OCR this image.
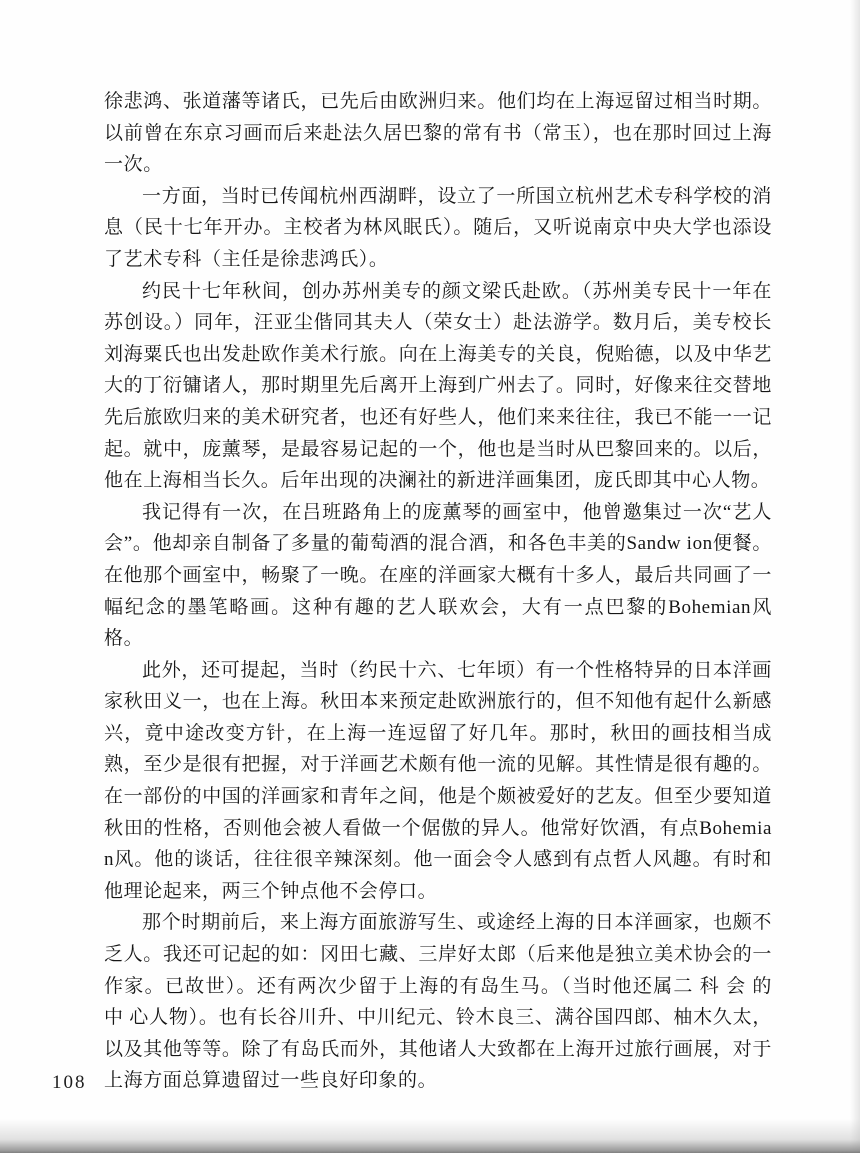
徐悲鸿、张道藩等诸氏，已先后由欧洲归来。他们均在上海逗留过相当时期。以前曾在东京习画而后来赴法久居巴黎的常有书（常玉），也在那时回过上海一次。

一方面，当时已传闻杭州西湖畔，设立了一所国立杭州艺术专科学校的消息（民十七年开办。主校者为林风眠氏）。随后，又听说南京中央大学也添设了艺术专科（主任是徐悲鸿氏）。

约民十七年秋间，创办苏州美专的颜文梁氏赴欧。（苏州美专民十一年在苏创设。）同年，汪亚尘偕同其夫人（荣女士）赴法游学。数月后，美专校长刘海粟氏也出发赴欧作美术行旅。向在上海美专的关良，倪贻德，以及中华艺大的丁衍镛诸人，那时期里先后离开上海到广州去了。同时，好像来往交替地先后旅欧归来的美术研究者，也还有好些人，他们来来往往，我已不能一一记起。就中，庞薰琴，是最容易记起的一个，他也是当时从巴黎回来的。以后，他在上海相当长久。后年出现的决澜社的新进洋画集团，庞氏即其中心人物。

我记得有一次，在吕班路角上的庞薰琴的画室中，他曾邀集过一次“艺人会”。他却亲自制备了多量的葡萄酒的混合酒，和各色丰美的Sandw ion便餐。在他那个画室中，畅聚了一晚。在座的洋画家大概有十多人，最后共同画了一幅纪念的墨笔略画。这种有趣的艺人联欢会，大有一点巴黎的Bohemian风格。

此外，还可提起，当时（约民十六、七年顷）有一个性格特异的日本洋画家秋田义一，也在上海。秋田本来预定赴欧洲旅行的，但不知他有起什么新感兴，竟中途改变方针，在上海一连逗留了好几年。那时，秋田的画技相当成熟，至少是很有把握，对于洋画艺术颇有他一流的见解。其性情是很有趣的。在一部份的中国的洋画家和青年之间，他是个颇被爱好的艺友。但至少要知道秋田的性格，否则他会被人看做一个倨傲的异人。他常好饮酒，有点Bohemian风。他的谈话，往往很辛辣深刻。他一面会令人感到有点哲人风趣。有时和他理论起来，两三个钟点他不会停口。

那个时期前后，来上海方面旅游写生、或途经上海的日本洋画家，也颇不乏人。我还可记起的如：冈田七藏、三岸好太郎（后来他是独立美术协会的一作家。已故世）。还有两次少留于上海的有岛生马。（当时他还属二 科 会 的 中 心人物）。也有长谷川升、中川纪元、铃木良三、满谷国四郎、柚木久太，以及其他等等。除了有岛氏而外，其他诸人大致都在上海开过旅行画展，对于上海方面总算遗留过一些良好印象的。

108
